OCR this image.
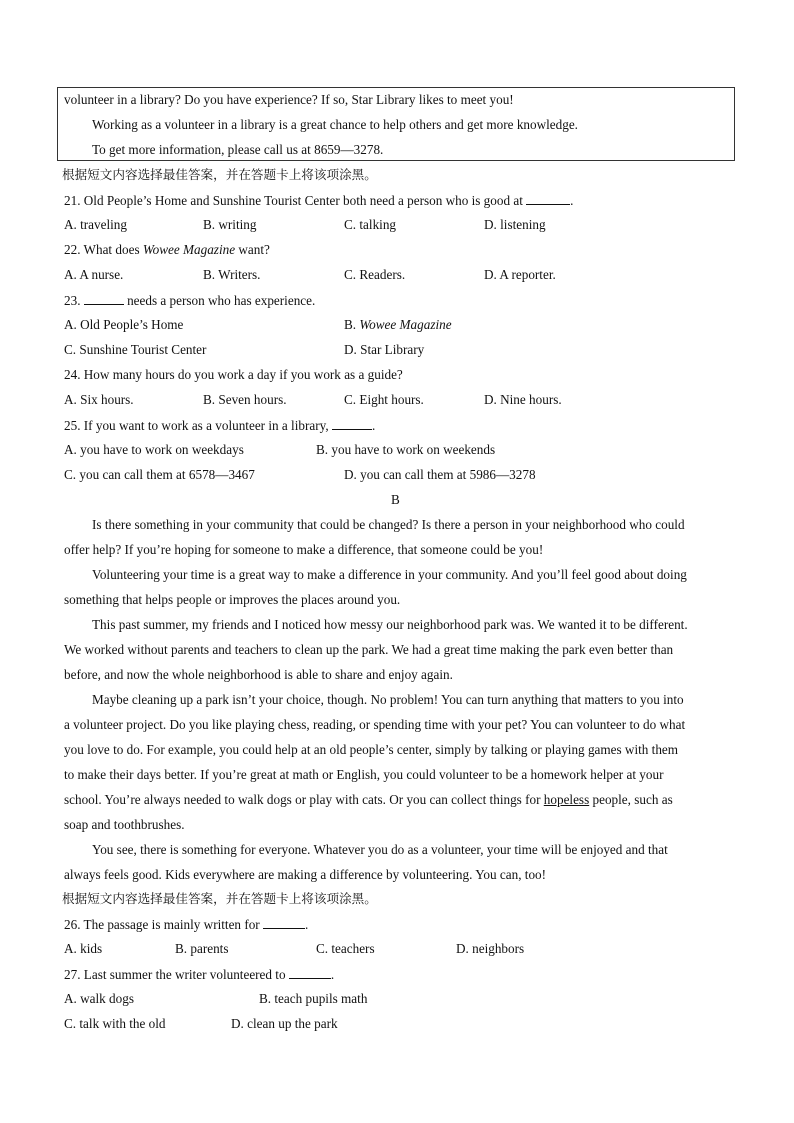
volunteer in a library? Do you have experience? If so, Star Library likes to meet you!
Working as a volunteer in a library is a great chance to help others and get more knowledge.
To get more information, please call us at 8659—3278.
根据短文内容选择最佳答案，并在答题卡上将该项涂黑。
21. Old People’s Home and Sunshine Tourist Center both need a person who is good at	.
A. traveling	B. writing	C. talking	D. listening
22. What does Wowee Magazine want?
A. A nurse.	B. Writers.	C. Readers.	D. A reporter.
23.	needs a person who has experience.
A. Old People’s Home	B. Wowee Magazine
C. Sunshine Tourist Center	D. Star Library
24. How many hours do you work a day if you work as a guide?
A. Six hours.	B. Seven hours.	C. Eight hours.	D. Nine hours.
25. If you want to work as a volunteer in a library,	.
A. you have to work on weekdays	B. you have to work on weekends
C. you can call them at 6578—3467	D. you can call them at 5986—3278
B
Is there something in your community that could be changed? Is there a person in your neighborhood who could
offer help? If you’re hoping for someone to make a difference, that someone could be you!
Volunteering your time is a great way to make a difference in your community. And you’ll feel good about doing
something that helps people or improves the places around you.
This past summer, my friends and I noticed how messy our neighborhood park was. We wanted it to be different.
We worked without parents and teachers to clean up the park. We had a great time making the park even better than
before, and now the whole neighborhood is able to share and enjoy again.
Maybe cleaning up a park isn’t your choice, though. No problem! You can turn anything that matters to you into
a volunteer project. Do you like playing chess, reading, or spending time with your pet? You can volunteer to do what
you love to do. For example, you could help at an old people’s center, simply by talking or playing games with them
to make their days better. If you’re great at math or English, you could volunteer to be a homework helper at your
school. You’re always needed to walk dogs or play with cats. Or you can collect things for hopeless people, such as
soap and toothbrushes.
You see, there is something for everyone. Whatever you do as a volunteer, your time will be enjoyed and that
always feels good. Kids everywhere are making a difference by volunteering. You can, too!
根据短文内容选择最佳答案，并在答题卡上将该项涂黑。
26. The passage is mainly written for	.
A. kids	B. parents	C. teachers	D. neighbors
27. Last summer the writer volunteered to	.
A. walk dogs	B. teach pupils math
C. talk with the old	D. clean up the park
